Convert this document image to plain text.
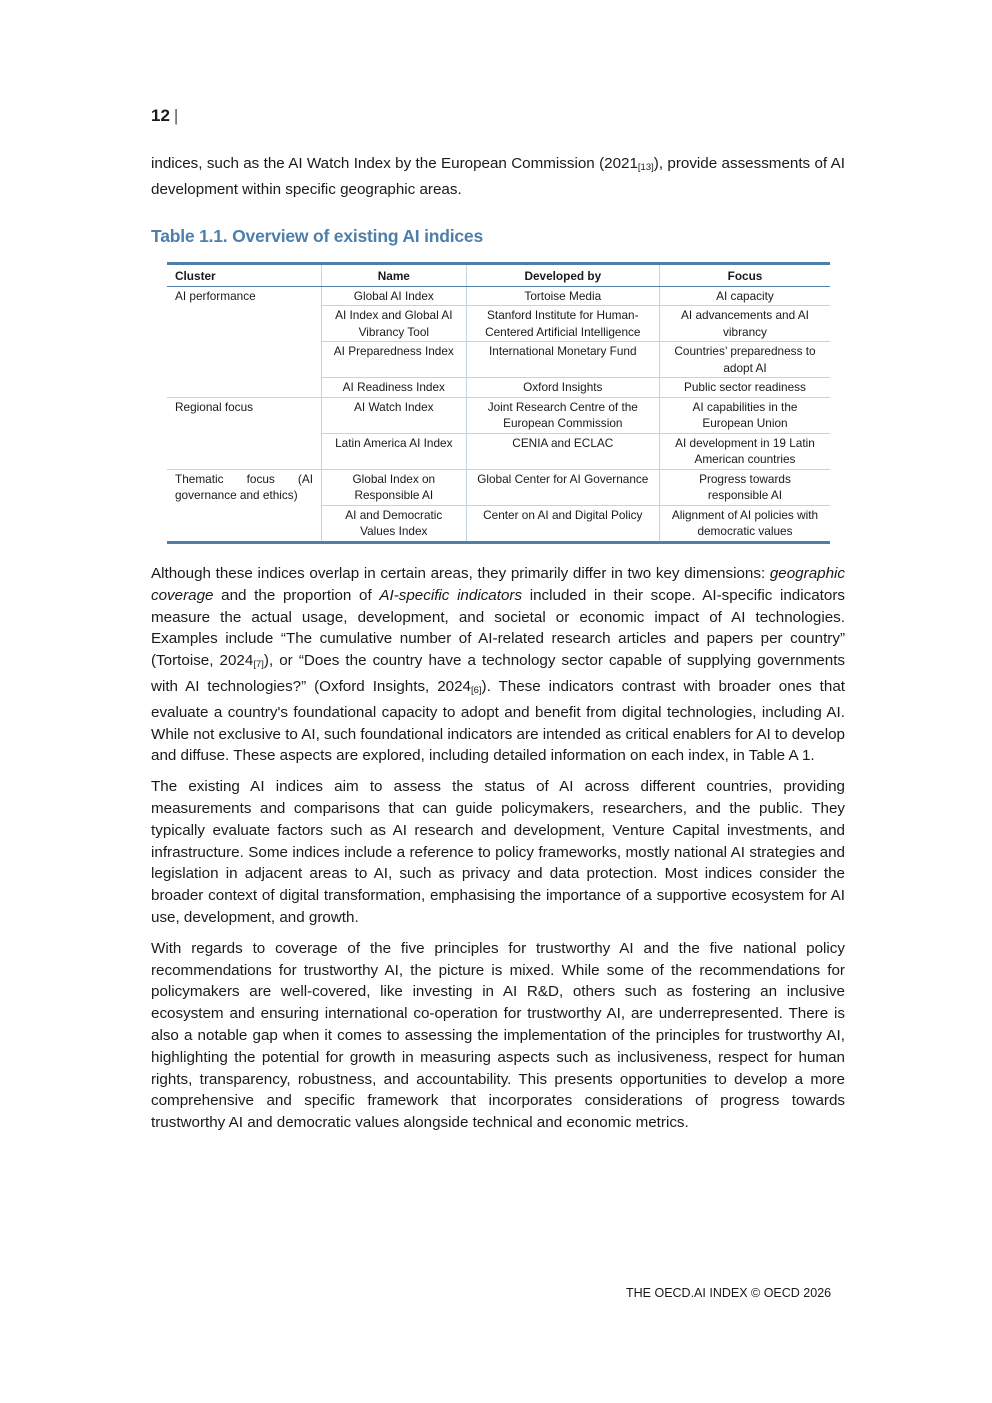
12 |

indices, such as the AI Watch Index by the European Commission (2021[13]), provide assessments of AI development within specific geographic areas.

Table 1.1. Overview of existing AI indices
Cluster	Name	Developed by	Focus
AI performance	Global AI Index	Tortoise Media	AI capacity
	AI Index and Global AI Vibrancy Tool	Stanford Institute for Human-Centered Artificial Intelligence	AI advancements and AI vibrancy
	AI Preparedness Index	International Monetary Fund	Countries’ preparedness to adopt AI
	AI Readiness Index	Oxford Insights	Public sector readiness
Regional focus	AI Watch Index	Joint Research Centre of the European Commission	AI capabilities in the European Union
	Latin America AI Index	CENIA and ECLAC	AI development in 19 Latin American countries
Thematic focus (AI governance and ethics)	Global Index on Responsible AI	Global Center for AI Governance	Progress towards responsible AI
	AI and Democratic Values Index	Center on AI and Digital Policy	Alignment of AI policies with democratic values

Although these indices overlap in certain areas, they primarily differ in two key dimensions: geographic coverage and the proportion of AI-specific indicators included in their scope. AI-specific indicators measure the actual usage, development, and societal or economic impact of AI technologies. Examples include “The cumulative number of AI-related research articles and papers per country” (Tortoise, 2024[7]), or “Does the country have a technology sector capable of supplying governments with AI technologies?” (Oxford Insights, 2024[6]). These indicators contrast with broader ones that evaluate a country's foundational capacity to adopt and benefit from digital technologies, including AI. While not exclusive to AI, such foundational indicators are intended as critical enablers for AI to develop and diffuse. These aspects are explored, including detailed information on each index, in Table A 1.

The existing AI indices aim to assess the status of AI across different countries, providing measurements and comparisons that can guide policymakers, researchers, and the public. They typically evaluate factors such as AI research and development, Venture Capital investments, and infrastructure. Some indices include a reference to policy frameworks, mostly national AI strategies and legislation in adjacent areas to AI, such as privacy and data protection. Most indices consider the broader context of digital transformation, emphasising the importance of a supportive ecosystem for AI use, development, and growth.

With regards to coverage of the five principles for trustworthy AI and the five national policy recommendations for trustworthy AI, the picture is mixed. While some of the recommendations for policymakers are well-covered, like investing in AI R&D, others such as fostering an inclusive ecosystem and ensuring international co-operation for trustworthy AI, are underrepresented. There is also a notable gap when it comes to assessing the implementation of the principles for trustworthy AI, highlighting the potential for growth in measuring aspects such as inclusiveness, respect for human rights, transparency, robustness, and accountability. This presents opportunities to develop a more comprehensive and specific framework that incorporates considerations of progress towards trustworthy AI and democratic values alongside technical and economic metrics.

THE OECD.AI INDEX © OECD 2026
